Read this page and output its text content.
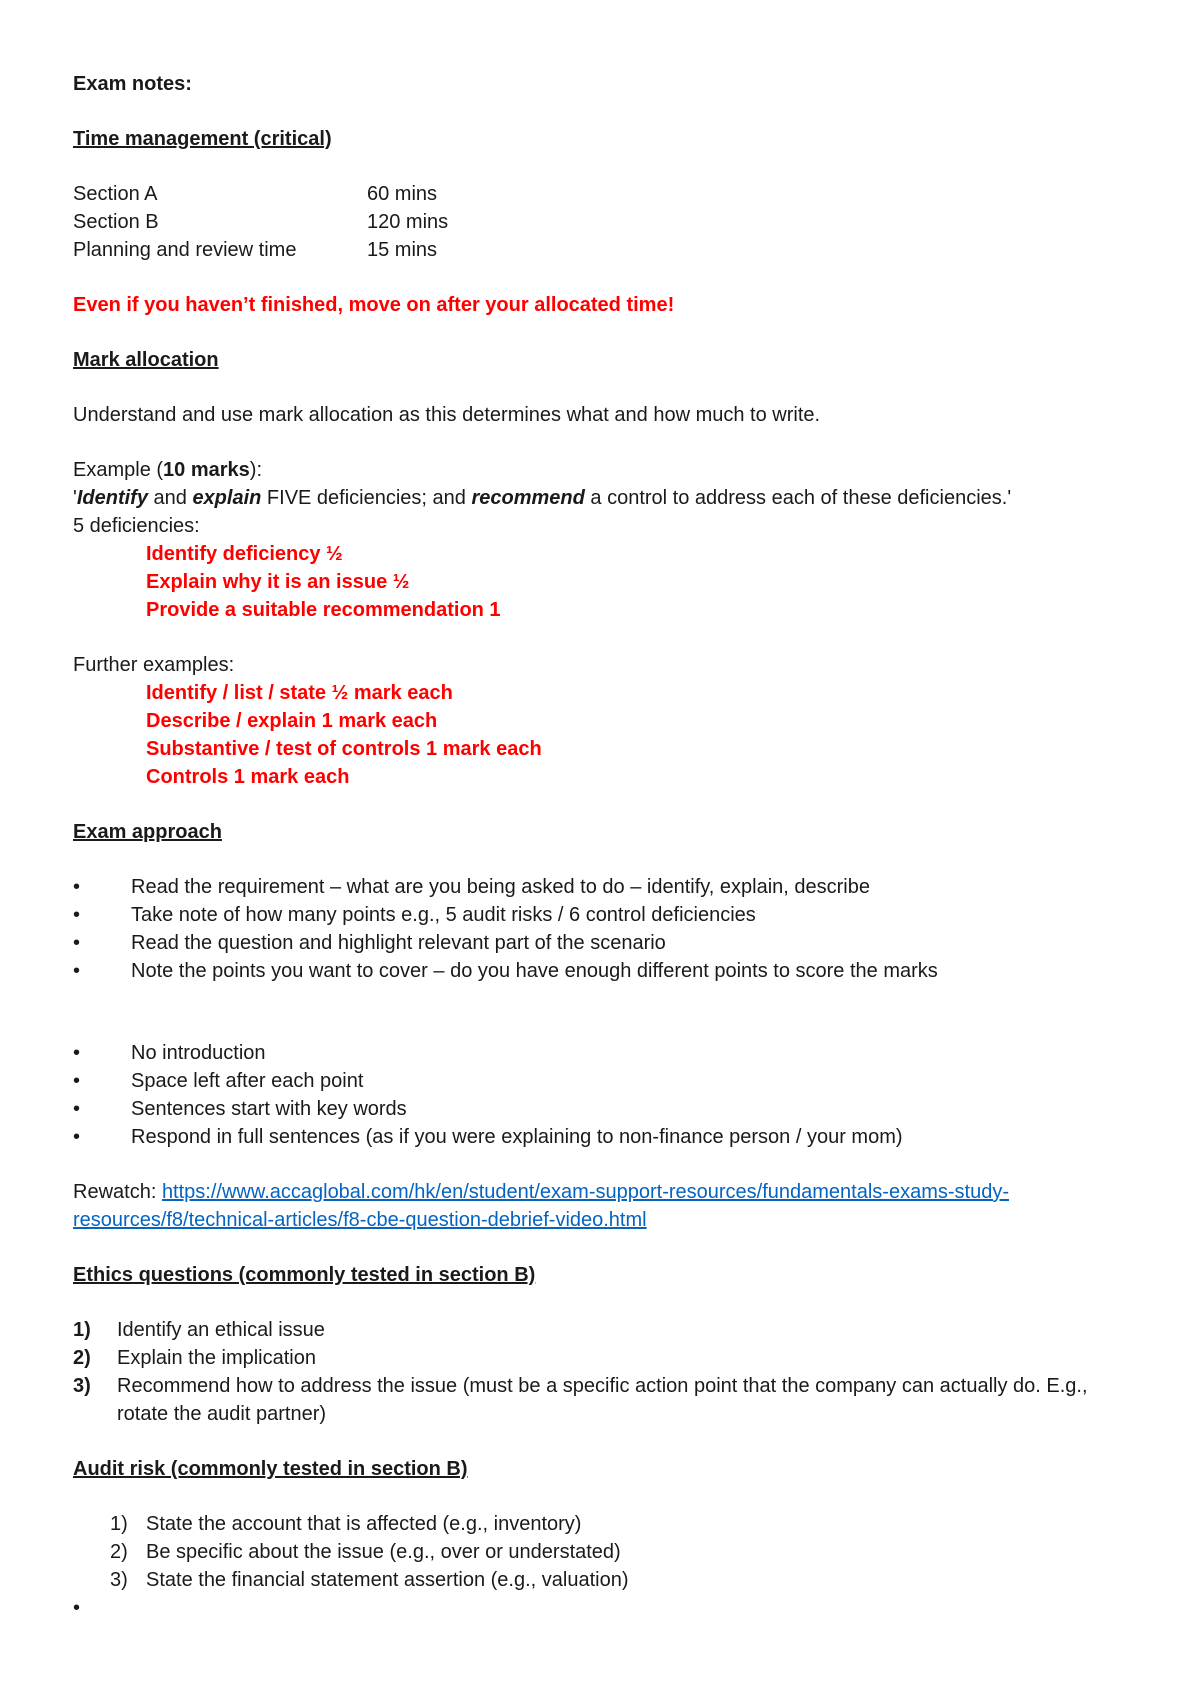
Exam notes:
Time management (critical)
Section A	60 mins
Section B	120 mins
Planning and review time	15 mins
Even if you haven’t finished, move on after your allocated time!
Mark allocation
Understand and use mark allocation as this determines what and how much to write.
Example (10 marks):
'Identify and explain FIVE deficiencies; and recommend a control to address each of these deficiencies.'
5 deficiencies:
Identify deficiency ½
Explain why it is an issue ½
Provide a suitable recommendation 1
Further examples:
Identify / list / state ½ mark each
Describe / explain 1 mark each
Substantive / test of controls 1 mark each
Controls 1 mark each
Exam approach
•	Read the requirement – what are you being asked to do – identify, explain, describe
•	Take note of how many points e.g., 5 audit risks / 6 control deficiencies
•	Read the question and highlight relevant part of the scenario
•	Note the points you want to cover – do you have enough different points to score the marks
•	No introduction
•	Space left after each point
•	Sentences start with key words
•	Respond in full sentences (as if you were explaining to non-finance person / your mom)
Rewatch: https://www.accaglobal.com/hk/en/student/exam-support-resources/fundamentals-exams-study-
resources/f8/technical-articles/f8-cbe-question-debrief-video.html
Ethics questions (commonly tested in section B)
1)	Identify an ethical issue
2)	Explain the implication
3)	Recommend how to address the issue (must be a specific action point that the company can actually do. E.g., rotate the audit partner)
Audit risk (commonly tested in section B)
1) State the account that is affected (e.g., inventory)
2) Be specific about the issue (e.g., over or understated)
3) State the financial statement assertion (e.g., valuation)
•
